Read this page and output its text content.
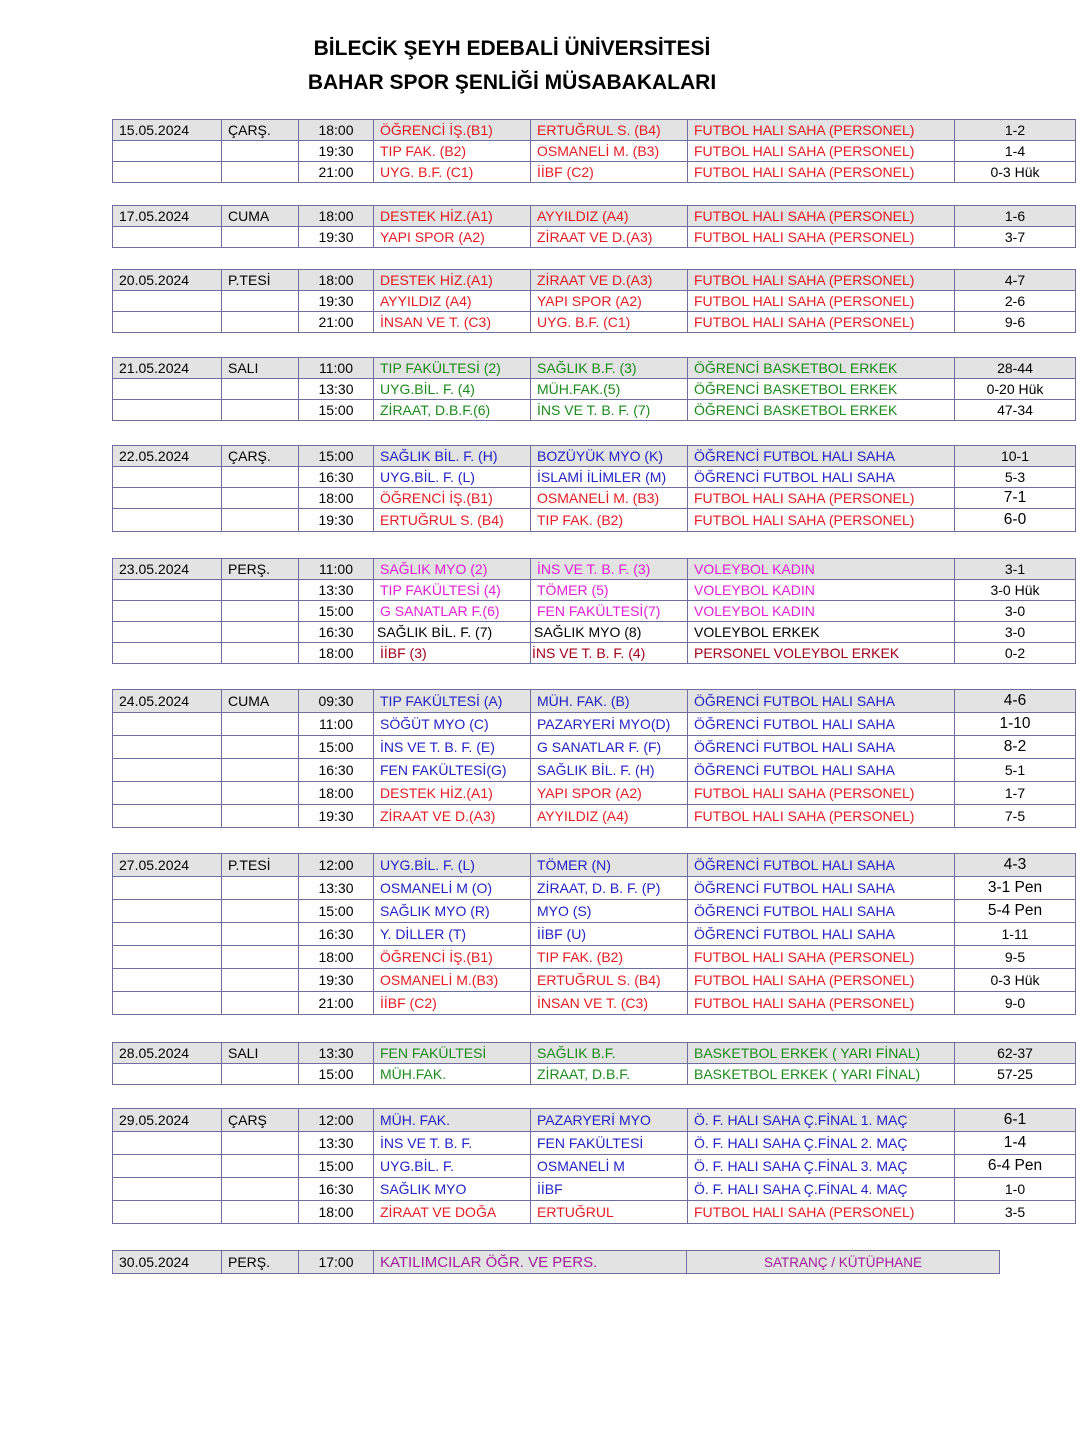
BİLECİK ŞEYH EDEBALİ ÜNİVERSİTESİ
BAHAR SPOR ŞENLİĞİ MÜSABAKALARI
15.05.2024	ÇARŞ.	18:00	ÖĞRENCİ İŞ.(B1)	ERTUĞRUL S. (B4)	FUTBOL HALI SAHA (PERSONEL)	1-2
		19:30	TIP FAK. (B2)	OSMANELİ M. (B3)	FUTBOL HALI SAHA (PERSONEL)	1-4
		21:00	UYG. B.F. (C1)	İİBF (C2)	FUTBOL HALI SAHA (PERSONEL)	0-3 Hük
17.05.2024	CUMA	18:00	DESTEK HİZ.(A1)	AYYILDIZ (A4)	FUTBOL HALI SAHA (PERSONEL)	1-6
		19:30	YAPI SPOR (A2)	ZİRAAT VE D.(A3)	FUTBOL HALI SAHA (PERSONEL)	3-7
20.05.2024	P.TESİ	18:00	DESTEK HİZ.(A1)	ZİRAAT VE D.(A3)	FUTBOL HALI SAHA (PERSONEL)	4-7
		19:30	AYYILDIZ (A4)	YAPI SPOR (A2)	FUTBOL HALI SAHA (PERSONEL)	2-6
		21:00	İNSAN VE T. (C3)	UYG. B.F. (C1)	FUTBOL HALI SAHA (PERSONEL)	9-6
21.05.2024	SALI	11:00	TIP FAKÜLTESİ (2)	SAĞLIK B.F. (3)	ÖĞRENCİ BASKETBOL ERKEK	28-44
		13:30	UYG.BİL. F. (4)	MÜH.FAK.(5)	ÖĞRENCİ BASKETBOL ERKEK	0-20 Hük
		15:00	ZİRAAT, D.B.F.(6)	İNS VE T. B. F. (7)	ÖĞRENCİ BASKETBOL ERKEK	47-34
22.05.2024	ÇARŞ.	15:00	SAĞLIK BİL. F. (H)	BOZÜYÜK MYO (K)	ÖĞRENCİ FUTBOL HALI SAHA	10-1
		16:30	UYG.BİL. F. (L)	İSLAMİ İLİMLER (M)	ÖĞRENCİ FUTBOL HALI SAHA	5-3
		18:00	ÖĞRENCİ İŞ.(B1)	OSMANELİ M. (B3)	FUTBOL HALI SAHA (PERSONEL)	7-1
		19:30	ERTUĞRUL S. (B4)	TIP FAK. (B2)	FUTBOL HALI SAHA (PERSONEL)	6-0
23.05.2024	PERŞ.	11:00	SAĞLIK MYO (2)	İNS VE T. B. F. (3)	VOLEYBOL KADIN	3-1
		13:30	TIP FAKÜLTESİ (4)	TÖMER (5)	VOLEYBOL KADIN	3-0 Hük
		15:00	G SANATLAR F.(6)	FEN FAKÜLTESİ(7)	VOLEYBOL KADIN	3-0
		16:30	SAĞLIK BİL. F. (7)	SAĞLIK MYO (8)	VOLEYBOL ERKEK	3-0
		18:00	İİBF (3)	İNS VE T. B. F. (4)	PERSONEL VOLEYBOL ERKEK	0-2
24.05.2024	CUMA	09:30	TIP FAKÜLTESİ (A)	MÜH. FAK. (B)	ÖĞRENCİ FUTBOL HALI SAHA	4-6
		11:00	SÖĞÜT MYO (C)	PAZARYERİ MYO(D)	ÖĞRENCİ FUTBOL HALI SAHA	1-10
		15:00	İNS VE T. B. F. (E)	G SANATLAR F. (F)	ÖĞRENCİ FUTBOL HALI SAHA	8-2
		16:30	FEN FAKÜLTESİ(G)	SAĞLIK BİL. F. (H)	ÖĞRENCİ FUTBOL HALI SAHA	5-1
		18:00	DESTEK HİZ.(A1)	YAPI SPOR (A2)	FUTBOL HALI SAHA (PERSONEL)	1-7
		19:30	ZİRAAT VE D.(A3)	AYYILDIZ (A4)	FUTBOL HALI SAHA (PERSONEL)	7-5
27.05.2024	P.TESİ	12:00	UYG.BİL. F. (L)	TÖMER (N)	ÖĞRENCİ FUTBOL HALI SAHA	4-3
		13:30	OSMANELİ M (O)	ZİRAAT, D. B. F. (P)	ÖĞRENCİ FUTBOL HALI SAHA	3-1 Pen
		15:00	SAĞLIK MYO (R)	MYO (S)	ÖĞRENCİ FUTBOL HALI SAHA	5-4 Pen
		16:30	Y. DİLLER (T)	İİBF (U)	ÖĞRENCİ FUTBOL HALI SAHA	1-11
		18:00	ÖĞRENCİ İŞ.(B1)	TIP FAK. (B2)	FUTBOL HALI SAHA (PERSONEL)	9-5
		19:30	OSMANELİ M.(B3)	ERTUĞRUL S. (B4)	FUTBOL HALI SAHA (PERSONEL)	0-3 Hük
		21:00	İİBF (C2)	İNSAN VE T. (C3)	FUTBOL HALI SAHA (PERSONEL)	9-0
28.05.2024	SALI	13:30	FEN FAKÜLTESİ	SAĞLIK B.F.	BASKETBOL ERKEK ( YARI FİNAL)	62-37
		15:00	MÜH.FAK.	ZİRAAT, D.B.F.	BASKETBOL ERKEK ( YARI FİNAL)	57-25
29.05.2024	ÇARŞ	12:00	MÜH. FAK.	PAZARYERİ MYO	Ö. F. HALI SAHA Ç.FİNAL 1. MAÇ	6-1
		13:30	İNS VE T. B. F.	FEN FAKÜLTESİ	Ö. F. HALI SAHA Ç.FİNAL 2. MAÇ	1-4
		15:00	UYG.BİL. F.	OSMANELİ M	Ö. F. HALI SAHA Ç.FİNAL 3. MAÇ	6-4 Pen
		16:30	SAĞLIK MYO	İİBF	Ö. F. HALI SAHA Ç.FİNAL 4. MAÇ	1-0
		18:00	ZİRAAT VE DOĞA	ERTUĞRUL	FUTBOL HALI SAHA (PERSONEL)	3-5
30.05.2024	PERŞ.	17:00	KATILIMCILAR ÖĞR. VE PERS.	SATRANÇ / KÜTÜPHANE
